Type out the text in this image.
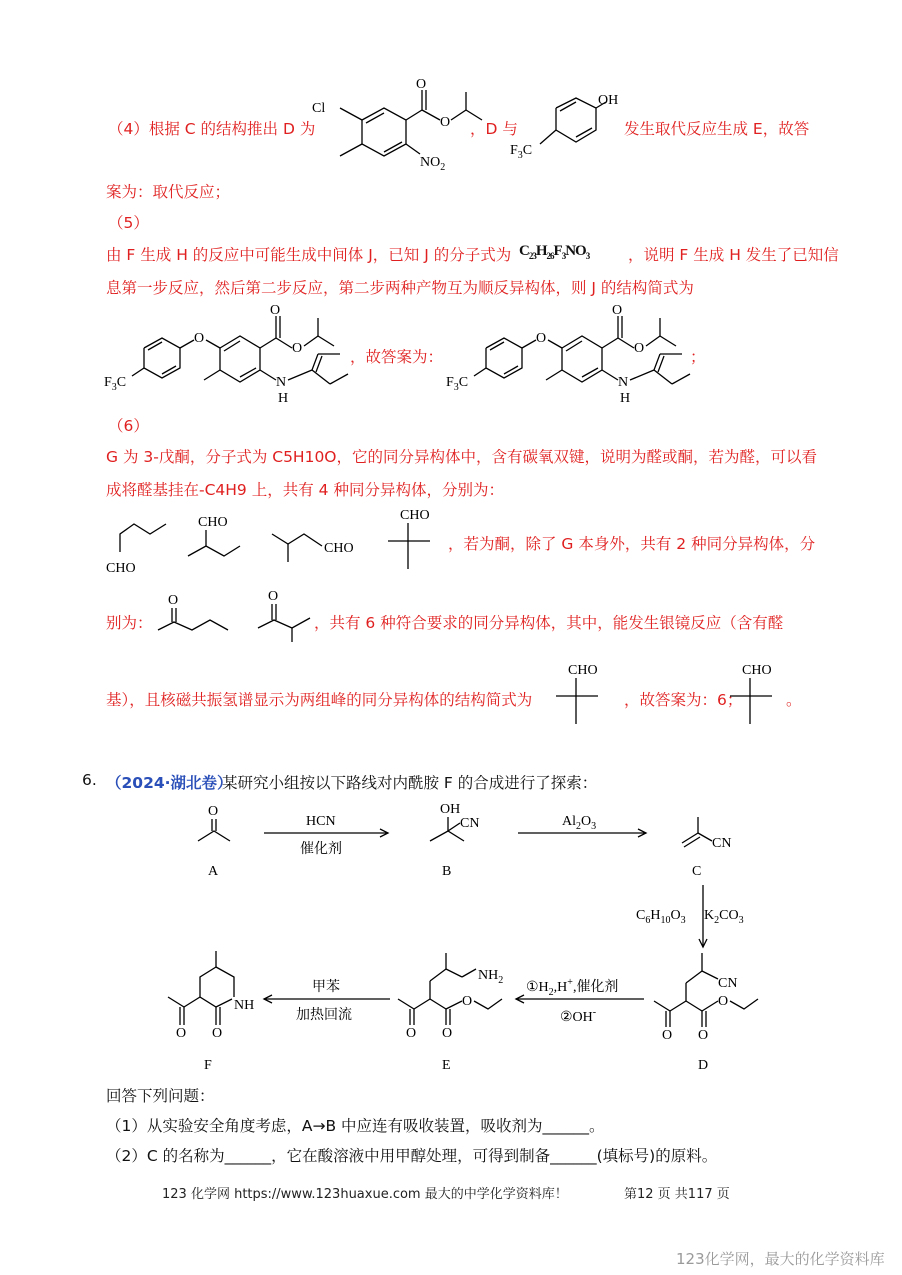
（4）根据 C 的结构推出 D 为
Cl
O
O
$NO_2$
，D 与
OH
$F_3C$
发生取代反应生成 E，故答
案为：取代反应；
（5）
由 F 生成 H 的反应中可能生成中间体 J，已知 J 的分子式为 $C_{23}H_{26}F_3NO_3$	，说明 F 生成 H 发生了已知信
息第一步反应，然后第二步反应，第二步两种产物互为顺反异构体，则 J 的结构简式为
$F_3C$
O
O
O
N
H
，故答案为：
$F_3C$
O
O
O
N
H
；
（6）
G 为 3-戊酮，分子式为 C5H10O，它的同分异构体中，含有碳氧双键，说明为醛或酮，若为醛，可以看
成将醛基挂在-C4H9 上，共有 4 种同分异构体，分别为：
CHO
CHO
CHO
CHO
，若为酮，除了 G 本身外，共有 2 种同分异构体，分
别为：
O	O
，共有 6 种符合要求的同分异构体，其中，能发生银镜反应（含有醛
基），且核磁共振氢谱显示为两组峰的同分异构体的结构简式为
CHO
，故答案为：6；
CHO
。
6. （2024·湖北卷）
某研究小组按以下路线对内酰胺 F 的合成进行了探索：
O
A
HCN
催化剂
OH
CN
B
$Al_2O_3$
CN
C
$C_6H_{10}O_3$ $K_2CO_3$
CN
O O
O
D
$①H_2,H^+$,催化剂
②OH-
$NH_2$
O O
O
E
甲苯
加热回流
NH
O
O
F
回答下列问题：
（1）从实验安全角度考虑，A→B 中应连有吸收装置，吸收剂为______。
（2）C 的名称为______，它在酸溶液中用甲醇处理，可得到制备______(填标号)的原料。
123 化学网 https://www.123huaxue.com 最大的中学化学资料库！	第12 页 共117 页
123化学网，最大的化学资料库
